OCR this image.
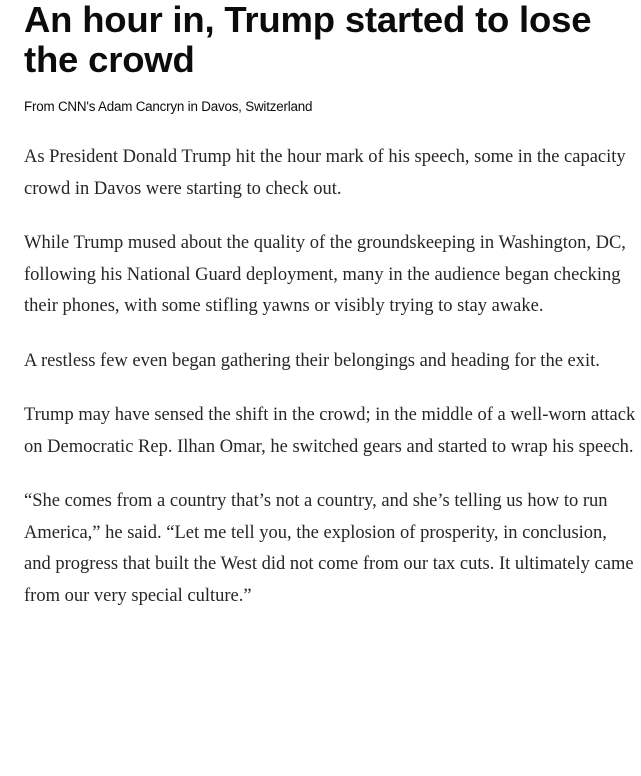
An hour in, Trump started to lose the crowd
From CNN's Adam Cancryn in Davos, Switzerland

As President Donald Trump hit the hour mark of his speech, some in the capacity crowd in Davos were starting to check out.

While Trump mused about the quality of the groundskeeping in Washington, DC, following his National Guard deployment, many in the audience began checking their phones, with some stifling yawns or visibly trying to stay awake.

A restless few even began gathering their belongings and heading for the exit.

Trump may have sensed the shift in the crowd; in the middle of a well-worn attack on Democratic Rep. Ilhan Omar, he switched gears and started to wrap his speech.

“She comes from a country that’s not a country, and she’s telling us how to run America,” he said. “Let me tell you, the explosion of prosperity, in conclusion, and progress that built the West did not come from our tax cuts. It ultimately came from our very special culture.”
